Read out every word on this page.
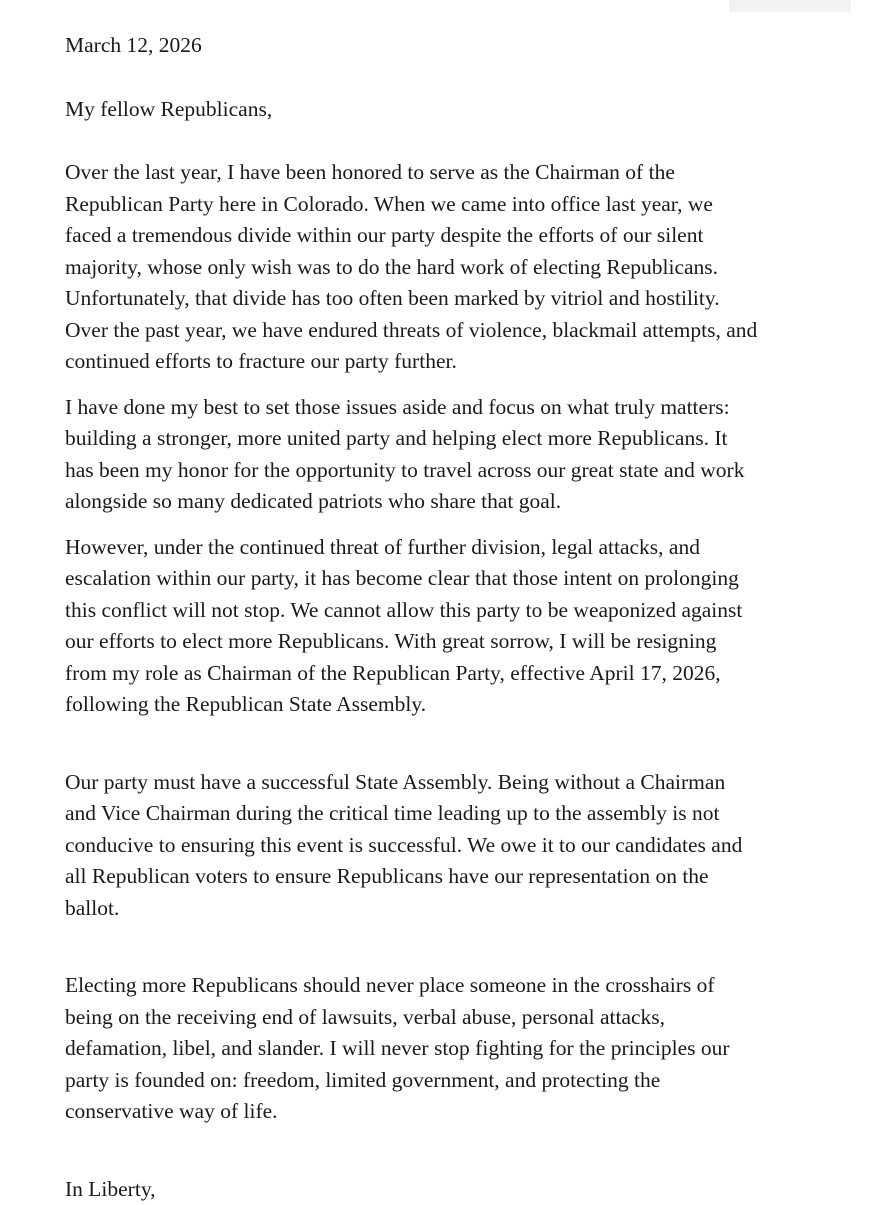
March 12, 2026

My fellow Republicans,

Over the last year, I have been honored to serve as the Chairman of the

Republican Party here in Colorado. When we came into office last year, we

faced a tremendous divide within our party despite the efforts of our silent

majority, whose only wish was to do the hard work of electing Republicans.

Unfortunately, that divide has too often been marked by vitriol and hostility.

Over the past year, we have endured threats of violence, blackmail attempts, and

continued efforts to fracture our party further.

I have done my best to set those issues aside and focus on what truly matters:

building a stronger, more united party and helping elect more Republicans. It

has been my honor for the opportunity to travel across our great state and work

alongside so many dedicated patriots who share that goal.

However, under the continued threat of further division, legal attacks, and

escalation within our party, it has become clear that those intent on prolonging

this conflict will not stop. We cannot allow this party to be weaponized against

our efforts to elect more Republicans. With great sorrow, I will be resigning

from my role as Chairman of the Republican Party, effective April 17, 2026,

following the Republican State Assembly.

Our party must have a successful State Assembly. Being without a Chairman

and Vice Chairman during the critical time leading up to the assembly is not

conducive to ensuring this event is successful. We owe it to our candidates and

all Republican voters to ensure Republicans have our representation on the

ballot.

Electing more Republicans should never place someone in the crosshairs of

being on the receiving end of lawsuits, verbal abuse, personal attacks,

defamation, libel, and slander. I will never stop fighting for the principles our

party is founded on: freedom, limited government, and protecting the

conservative way of life.

In Liberty,
